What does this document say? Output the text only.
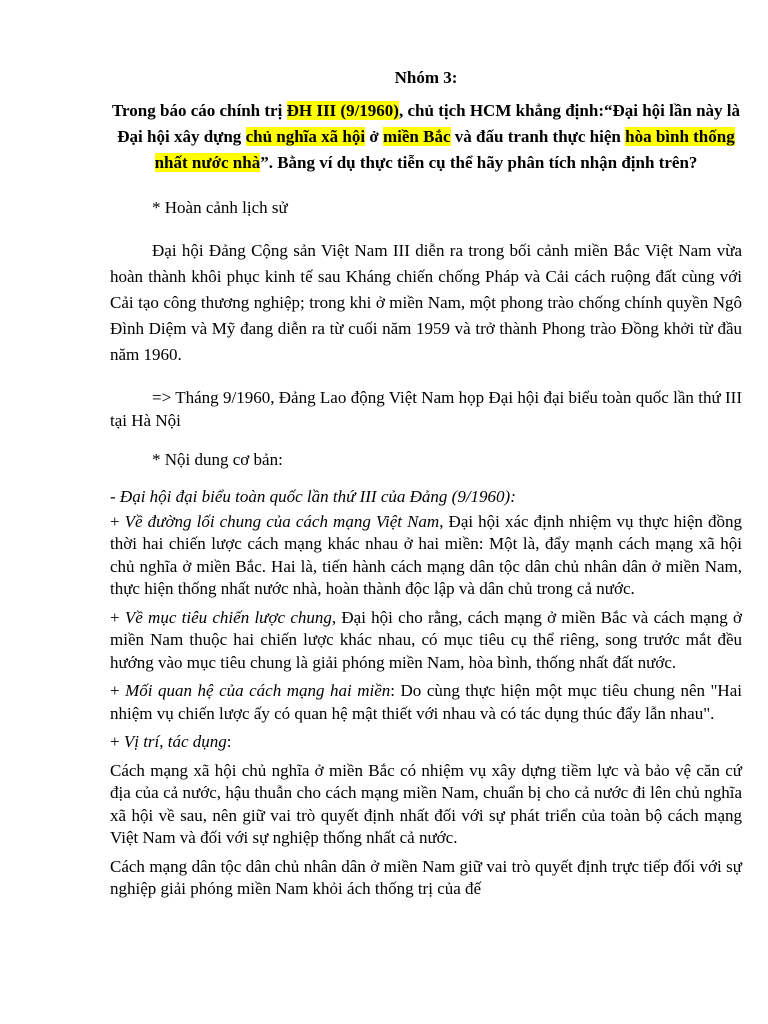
Nhóm 3:

Trong báo cáo chính trị ĐH III (9/1960), chủ tịch HCM khẳng định:“Đại hội lần này là Đại hội xây dựng chủ nghĩa xã hội ở miền Bắc và đấu tranh thực hiện hòa bình thống nhất nước nhà”. Bằng ví dụ thực tiễn cụ thể hãy phân tích nhận định trên?

* Hoàn cảnh lịch sử

Đại hội Đảng Cộng sản Việt Nam III diễn ra trong bối cảnh miền Bắc Việt Nam vừa hoàn thành khôi phục kinh tế sau Kháng chiến chống Pháp và Cải cách ruộng đất cùng với Cải tạo công thương nghiệp; trong khi ở miền Nam, một phong trào chống chính quyền Ngô Đình Diệm và Mỹ đang diễn ra từ cuối năm 1959 và trở thành Phong trào Đồng khởi từ đầu năm 1960.

=> Tháng 9/1960, Đảng Lao động Việt Nam họp Đại hội đại biểu toàn quốc lần thứ III tại Hà Nội

* Nội dung cơ bản:

- Đại hội đại biểu toàn quốc lần thứ III của Đảng (9/1960):

+ Về đường lối chung của cách mạng Việt Nam, Đại hội xác định nhiệm vụ thực hiện đồng thời hai chiến lược cách mạng khác nhau ở hai miền: Một là, đẩy mạnh cách mạng xã hội chủ nghĩa ở miền Bắc. Hai là, tiến hành cách mạng dân tộc dân chủ nhân dân ở miền Nam, thực hiện thống nhất nước nhà, hoàn thành độc lập và dân chủ trong cả nước.

+ Về mục tiêu chiến lược chung, Đại hội cho rằng, cách mạng ở miền Bắc và cách mạng ở miền Nam thuộc hai chiến lược khác nhau, có mục tiêu cụ thể riêng, song trước mắt đều hướng vào mục tiêu chung là giải phóng miền Nam, hòa bình, thống nhất đất nước.

+ Mối quan hệ của cách mạng hai miền: Do cùng thực hiện một mục tiêu chung nên "Hai nhiệm vụ chiến lược ấy có quan hệ mật thiết với nhau và có tác dụng thúc đẩy lẫn nhau".

+ Vị trí, tác dụng:

Cách mạng xã hội chủ nghĩa ở miền Bắc có nhiệm vụ xây dựng tiềm lực và bảo vệ căn cứ địa của cả nước, hậu thuẫn cho cách mạng miền Nam, chuẩn bị cho cả nước đi lên chủ nghĩa xã hội về sau, nên giữ vai trò quyết định nhất đối với sự phát triển của toàn bộ cách mạng Việt Nam và đối với sự nghiệp thống nhất cả nước.

Cách mạng dân tộc dân chủ nhân dân ở miền Nam giữ vai trò quyết định trực tiếp đối với sự nghiệp giải phóng miền Nam khỏi ách thống trị của đế
